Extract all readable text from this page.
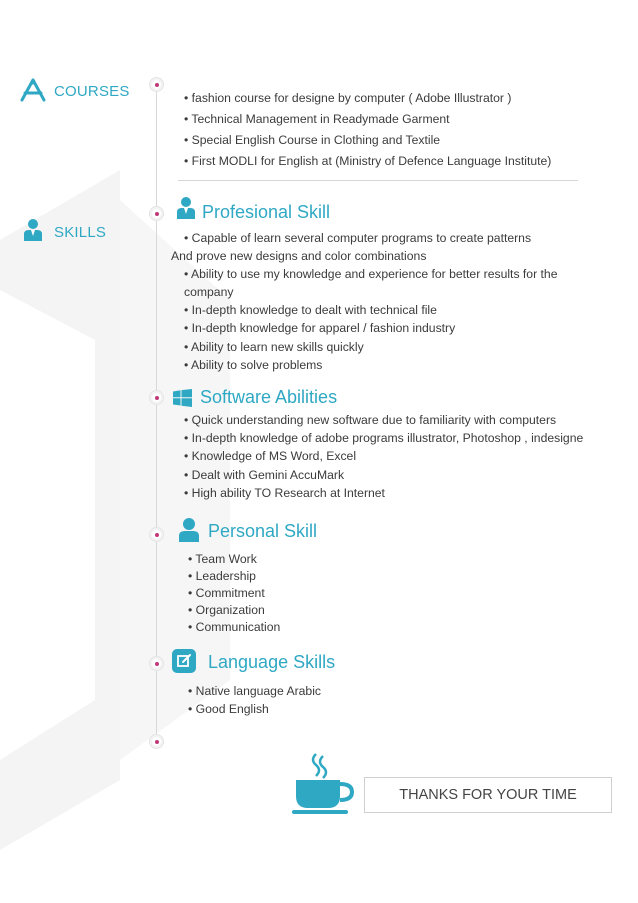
COURSES
SKILLS
• fashion course for designe by computer ( Adobe Illustrator )
• Technical Management in Readymade Garment
• Special English Course in Clothing and Textile
• First MODLI for English at (Ministry of Defence Language Institute)
Profesional Skill
• Capable of learn several computer programs to create patterns
And prove new designs and color combinations
• Ability to use my knowledge and experience for better results for the
company
• In-depth knowledge to dealt with technical file
• In-depth knowledge for apparel / fashion industry
• Ability to learn new skills quickly
• Ability to solve problems
Software Abilities
• Quick understanding new software due to familiarity with computers
• In-depth knowledge of adobe programs illustrator, Photoshop , indesigne
• Knowledge of MS Word, Excel
• Dealt with Gemini AccuMark
• High ability TO Research at Internet
Personal Skill
• Team Work
• Leadership
• Commitment
• Organization
• Communication
Language Skills
• Native language Arabic
• Good English
THANKS FOR YOUR TIME
